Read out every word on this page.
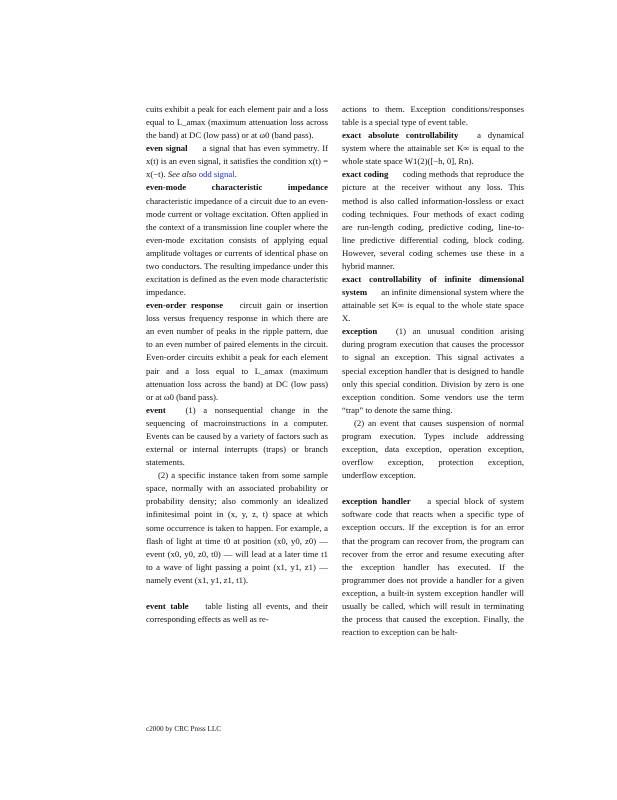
cuits exhibit a peak for each element pair and a loss equal to L_amax (maximum attenuation loss across the band) at DC (low pass) or at ω0 (band pass).

even signal a signal that has even symmetry. If x(t) is an even signal, it satisfies the condition x(t) = x(−t). See also odd signal.

even-mode characteristic impedance characteristic impedance of a circuit due to an even-mode current or voltage excitation. Often applied in the context of a transmission line coupler where the even-mode excitation consists of applying equal amplitude voltages or currents of identical phase on two conductors. The resulting impedance under this excitation is defined as the even mode characteristic impedance.

even-order response circuit gain or insertion loss versus frequency response in which there are an even number of peaks in the ripple pattern, due to an even number of paired elements in the circuit. Even-order circuits exhibit a peak for each element pair and a loss equal to L_amax (maximum attenuation loss across the band) at DC (low pass) or at ω0 (band pass).

event (1) a nonsequential change in the sequencing of macroinstructions in a computer. Events can be caused by a variety of factors such as external or internal interrupts (traps) or branch statements.

(2) a specific instance taken from some sample space, normally with an associated probability or probability density; also commonly an idealized infinitesimal point in (x, y, z, t) space at which some occurrence is taken to happen. For example, a flash of light at time t0 at position (x0, y0, z0) — event (x0, y0, z0, t0) — will lead at a later time t1 to a wave of light passing a point (x1, y1, z1) — namely event (x1, y1, z1, t1).

event table table listing all events, and their corresponding effects as well as re-

actions to them. Exception conditions/responses table is a special type of event table.

exact absolute controllability a dynamical system where the attainable set K∞ is equal to the whole state space W1(2)([−h, 0], Rn).

exact coding coding methods that reproduce the picture at the receiver without any loss. This method is also called information-lossless or exact coding techniques. Four methods of exact coding are run-length coding, predictive coding, line-to-line predictive differential coding, block coding. However, several coding schemes use these in a hybrid manner.

exact controllability of infinite dimensional system an infinite dimensional system where the attainable set K∞ is equal to the whole state space X.

exception (1) an unusual condition arising during program execution that causes the processor to signal an exception. This signal activates a special exception handler that is designed to handle only this special condition. Division by zero is one exception condition. Some vendors use the term “trap” to denote the same thing.

(2) an event that causes suspension of normal program execution. Types include addressing exception, data exception, operation exception, overflow exception, protection exception, underflow exception.

exception handler a special block of system software code that reacts when a specific type of exception occurs. If the exception is for an error that the program can recover from, the program can recover from the error and resume executing after the exception handler has executed. If the programmer does not provide a handler for a given exception, a built-in system exception handler will usually be called, which will result in terminating the process that caused the exception. Finally, the reaction to exception can be halt-

c2000 by CRC Press LLC
